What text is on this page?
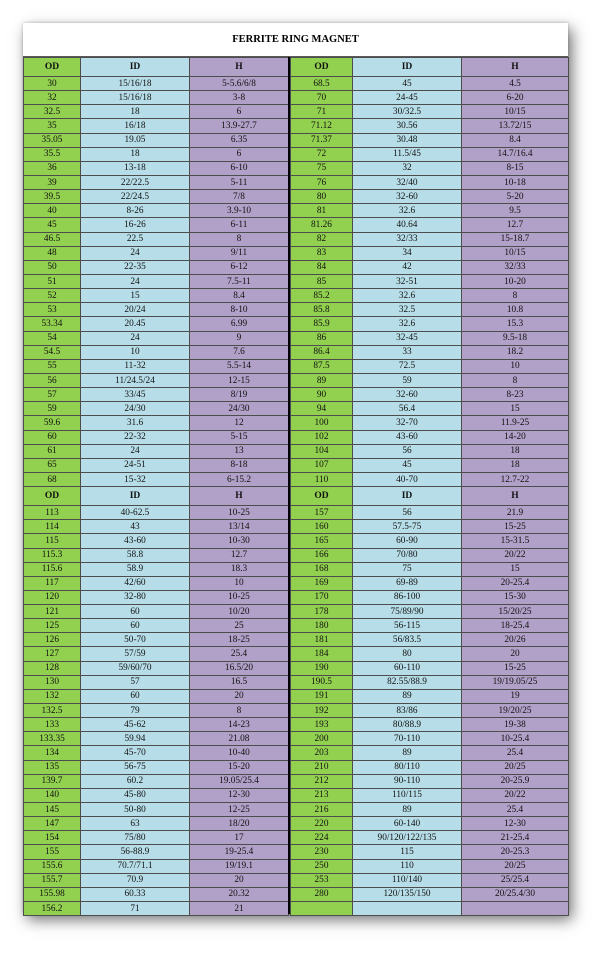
FERRITE RING MAGNET
OD	ID	H
30	15/16/18	5-5.6/6/8
32	15/16/18	3-8
32.5	18	6
35	16/18	13.9-27.7
35.05	19.05	6.35
35.5	18	6
36	13-18	6-10
39	22/22.5	5-11
39.5	22/24.5	7/8
40	8-26	3.9-10
45	16-26	6-11
46.5	22.5	8
48	24	9/11
50	22-35	6-12
51	24	7.5-11
52	15	8.4
53	20/24	8-10
53.34	20.45	6.99
54	24	9
54.5	10	7.6
55	11-32	5.5-14
56	11/24.5/24	12-15
57	33/45	8/19
59	24/30	24/30
59.6	31.6	12
60	22-32	5-15
61	24	13
65	24-51	8-18
68	15-32	6-15.2
OD	ID	H
113	40-62.5	10-25
114	43	13/14
115	43-60	10-30
115.3	58.8	12.7
115.6	58.9	18.3
117	42/60	10
120	32-80	10-25
121	60	10/20
125	60	25
126	50-70	18-25
127	57/59	25.4
128	59/60/70	16.5/20
130	57	16.5
132	60	20
132.5	79	8
133	45-62	14-23
133.35	59.94	21.08
134	45-70	10-40
135	56-75	15-20
139.7	60.2	19.05/25.4
140	45-80	12-30
145	50-80	12-25
147	63	18/20
154	75/80	17
155	56-88.9	19-25.4
155.6	70.7/71.1	19/19.1
155.7	70.9	20
155.98	60.33	20.32
156.2	71	21
OD	ID	H
68.5	45	4.5
70	24-45	6-20
71	30/32.5	10/15
71.12	30.56	13.72/15
71.37	30.48	8.4
72	11.5/45	14.7/16.4
75	32	8-15
76	32/40	10-18
80	32-60	5-20
81	32.6	9.5
81.26	40.64	12.7
82	32/33	15-18.7
83	34	10/15
84	42	32/33
85	32-51	10-20
85.2	32.6	8
85.8	32.5	10.8
85.9	32.6	15.3
86	32-45	9.5-18
86.4	33	18.2
87.5	72.5	10
89	59	8
90	32-60	8-23
94	56.4	15
100	32-70	11.9-25
102	43-60	14-20
104	56	18
107	45	18
110	40-70	12.7-22
OD	ID	H
157	56	21.9
160	57.5-75	15-25
165	60-90	15-31.5
166	70/80	20/22
168	75	15
169	69-89	20-25.4
170	86-100	15-30
178	75/89/90	15/20/25
180	56-115	18-25.4
181	56/83.5	20/26
184	80	20
190	60-110	15-25
190.5	82.55/88.9	19/19.05/25
191	89	19
192	83/86	19/20/25
193	80/88.9	19-38
200	70-110	10-25.4
203	89	25.4
210	80/110	20/25
212	90-110	20-25.9
213	110/115	20/22
216	89	25.4
220	60-140	12-30
224	90/120/122/135	21-25.4
230	115	20-25.3
250	110	20/25
253	110/140	25/25.4
280	120/135/150	20/25.4/30
